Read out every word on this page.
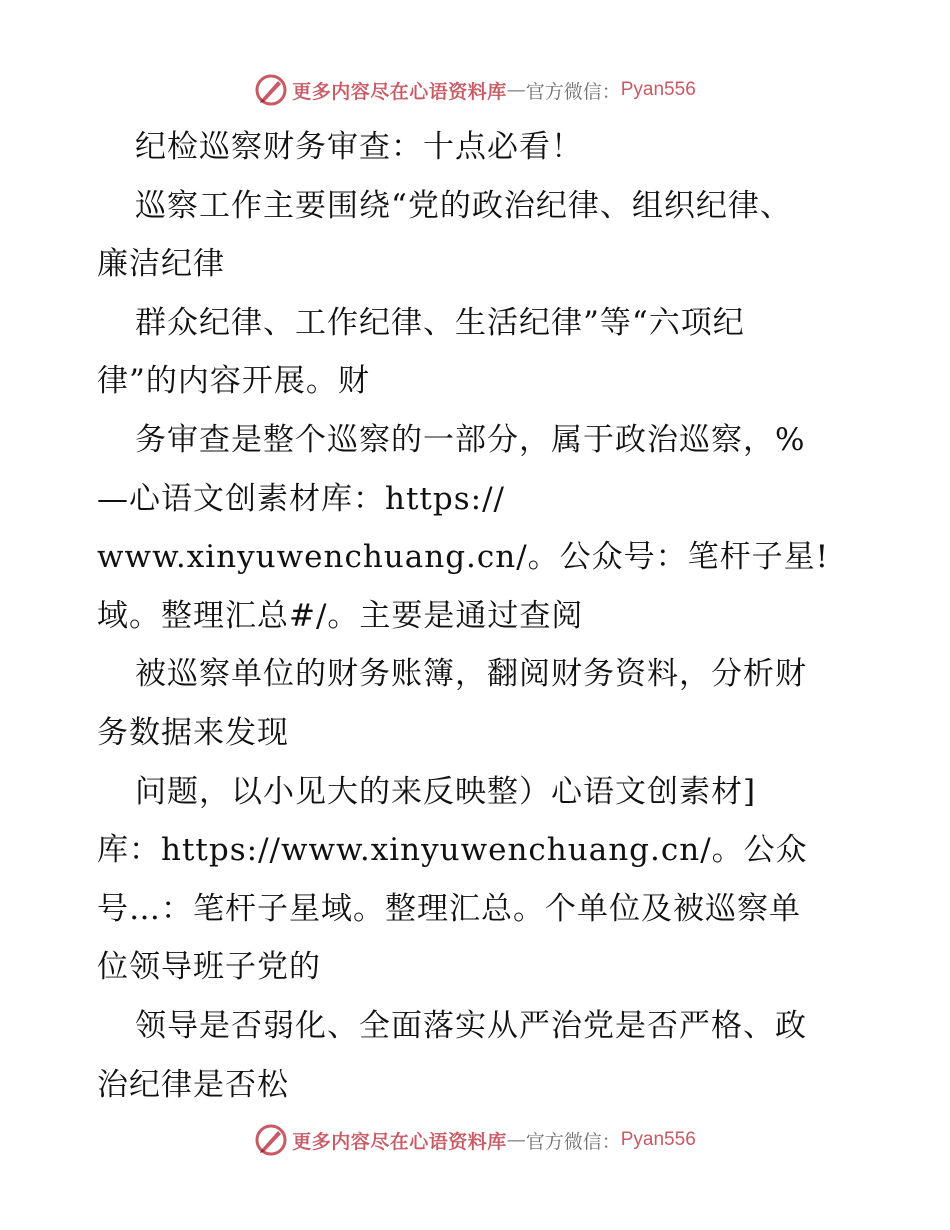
更多内容尽在心语资料库 — 官方微信： Pyan556
纪检巡察财务审查：十点必看！
巡察工作主要围绕“党的政治纪律、组织纪律、
廉洁纪律
群众纪律、工作纪律、生活纪律”等“六项纪
律”的内容开展。财
务审查是整个巡察的一部分，属于政治巡察，%
—心语文创素材库：https://
www.xinyuwenchuang.cn/。公众号：笔杆子星!
域。整理汇总#/。主要是通过查阅
被巡察单位的财务账簿，翻阅财务资料，分析财
务数据来发现
问题，以小见大的来反映整）心语文创素材]
库：https://www.xinyuwenchuang.cn/。公众
号…：笔杆子星域。整理汇总。个单位及被巡察单
位领导班子党的
领导是否弱化、全面落实从严治党是否严格、政
治纪律是否松
更多内容尽在心语资料库 — 官方微信： Pyan556
